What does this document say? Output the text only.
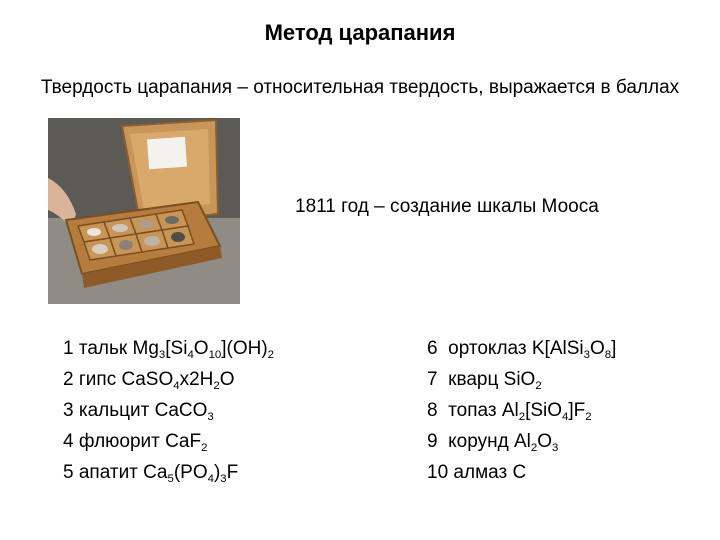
Метод царапания
Твердость царапания – относительная твердость, выражается в баллах
1811 год – создание шкалы Мооса
1 тальк $Mg_3[Si_4O_{10}](OH)_2$
2 гипс $CaSO_4x2H_2O$
3 кальцит CaCO$_3$
4 флюорит CaF$_2$
5 апатит $Ca_5(PO_4)_3F$
6 ортоклаз $K[AlSi_3O_8]$
7 кварц SiO$_2$
8 топаз $Al_2[SiO_4]F_2$
9 корунд $Al_2O_3$
10 алмаз C
